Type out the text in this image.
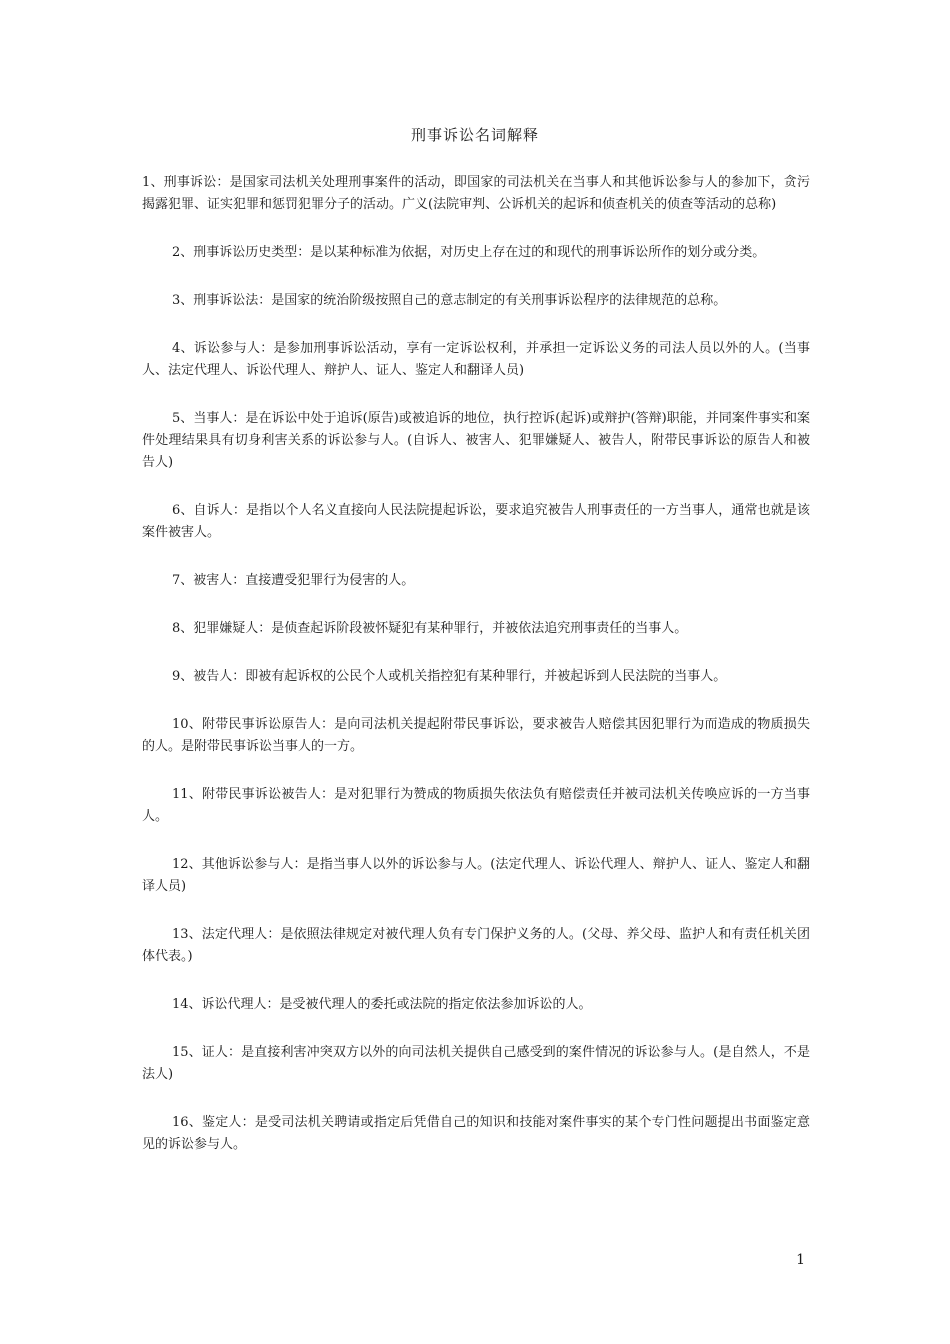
刑事诉讼名词解释

1、刑事诉讼：是国家司法机关处理刑事案件的活动，即国家的司法机关在当事人和其他诉讼参与人的参加下，贪污揭露犯罪、证实犯罪和惩罚犯罪分子的活动。广义(法院审判、公诉机关的起诉和侦查机关的侦查等活动的总称)

2、刑事诉讼历史类型：是以某种标准为依据，对历史上存在过的和现代的刑事诉讼所作的划分或分类。

3、刑事诉讼法：是国家的统治阶级按照自己的意志制定的有关刑事诉讼程序的法律规范的总称。

4、诉讼参与人：是参加刑事诉讼活动，享有一定诉讼权利，并承担一定诉讼义务的司法人员以外的人。(当事人、法定代理人、诉讼代理人、辩护人、证人、鉴定人和翻译人员)

5、当事人：是在诉讼中处于追诉(原告)或被追诉的地位，执行控诉(起诉)或辩护(答辩)职能，并同案件事实和案件处理结果具有切身利害关系的诉讼参与人。(自诉人、被害人、犯罪嫌疑人、被告人，附带民事诉讼的原告人和被告人)

6、自诉人：是指以个人名义直接向人民法院提起诉讼，要求追究被告人刑事责任的一方当事人，通常也就是该案件被害人。

7、被害人：直接遭受犯罪行为侵害的人。

8、犯罪嫌疑人：是侦查起诉阶段被怀疑犯有某种罪行，并被依法追究刑事责任的当事人。

9、被告人：即被有起诉权的公民个人或机关指控犯有某种罪行，并被起诉到人民法院的当事人。

10、附带民事诉讼原告人：是向司法机关提起附带民事诉讼，要求被告人赔偿其因犯罪行为而造成的物质损失的人。是附带民事诉讼当事人的一方。

11、附带民事诉讼被告人：是对犯罪行为赞成的物质损失依法负有赔偿责任并被司法机关传唤应诉的一方当事人。

12、其他诉讼参与人：是指当事人以外的诉讼参与人。(法定代理人、诉讼代理人、辩护人、证人、鉴定人和翻译人员)

13、法定代理人：是依照法律规定对被代理人负有专门保护义务的人。(父母、养父母、监护人和有责任机关团体代表。)

14、诉讼代理人：是受被代理人的委托或法院的指定依法参加诉讼的人。

15、证人：是直接利害冲突双方以外的向司法机关提供自己感受到的案件情况的诉讼参与人。(是自然人，不是法人)

16、鉴定人：是受司法机关聘请或指定后凭借自己的知识和技能对案件事实的某个专门性问题提出书面鉴定意见的诉讼参与人。

1
